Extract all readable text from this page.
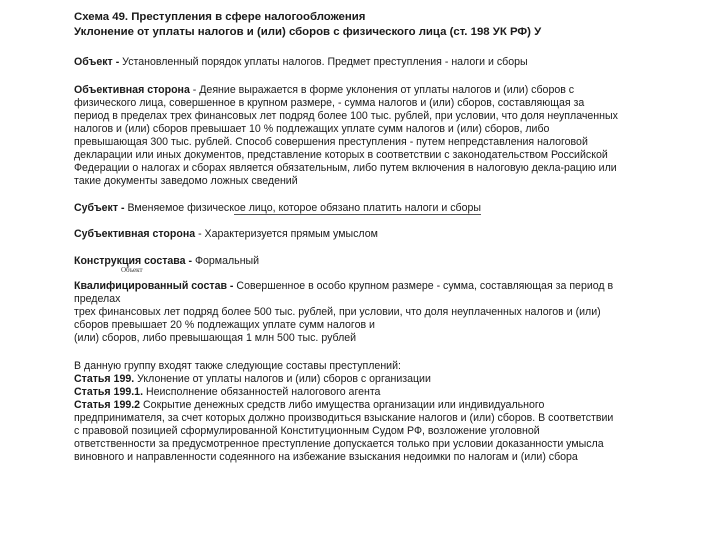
Схема 49. Преступления в сфере налогообложения
Уклонение от уплаты налогов и (или) сборов с физического лица (ст. 198 УК РФ) У
Объект - Установленный порядок уплаты налогов. Предмет преступления - налоги и сборы
Объективная сторона - Деяние выражается в форме уклонения от уплаты налогов и (или) сборов с
физического лица, совершенное в крупном размере, - сумма налогов и (или) сборов, составляющая за
период в пределах трех финансовых лет подряд более 100 тыс. рублей, при условии, что доля неуплаченных
налогов и (или) сборов превышает 10 % подлежащих уплате сумм налогов и (или) сборов, либо
превышающая 300 тыс. рублей. Способ совершения преступления - путем непредставления налоговой
декларации или иных документов, представление которых в соответствии с законодательством Российской
Федерации о налогах и сборах является обязательным, либо путем включения в налоговую декла-рацию или
такие документы заведомо ложных сведений
Субъект - Вменяемое физическое лицо, которое обязано платить налоги и сборы
Субъективная сторона - Характеризуется прямым умыслом
Конструкция состава - Формальный
Объект
Квалифицированный состав - Совершенное в особо крупном размере - сумма, составляющая за период в
пределах
трех финансовых лет подряд более 500 тыс. рублей, при условии, что доля неуплаченных налогов и (или)
сборов превышает 20 % подлежащих уплате сумм налогов и
(или) сборов, либо превышающая 1 млн 500 тыс. рублей
В данную группу входят также следующие составы преступлений:
Статья 199. Уклонение от уплаты налогов и (или) сборов с организации
Статья 199.1. Неисполнение обязанностей налогового агента
Статья 199.2 Сокрытие денежных средств либо имущества организации или индивидуального
предпринимателя, за счет которых должно производиться взыскание налогов и (или) сборов. В соответствии
с правовой позицией сформулированной Конституционным Судом РФ, возложение уголовной
ответственности за предусмотренное преступление допускается только при условии доказанности умысла
виновного и направленности содеянного на избежание взыскания недоимки по налогам и (или) сбора
